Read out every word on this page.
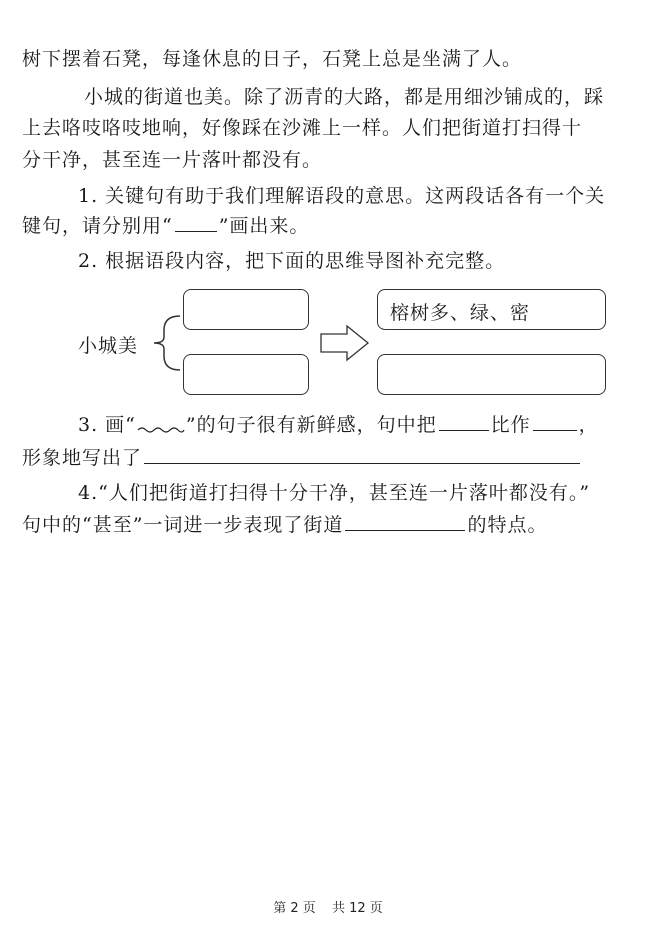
树下摆着石凳，每逢休息的日子，石凳上总是坐满了人。
小城的街道也美。除了沥青的大路，都是用细沙铺成的，踩
上去咯吱咯吱地响，好像踩在沙滩上一样。人们把街道打扫得十
分干净，甚至连一片落叶都没有。
1. 关键句有助于我们理解语段的意思。这两段话各有一个关
键句，请分别用“ ”画出来。
2. 根据语段内容，把下面的思维导图补充完整。
小城美
榕树多、绿、密
3. 画“	”的句子很有新鲜感，句中把	比作	，
形象地写出了
4.“人们把街道打扫得十分干净，甚至连一片落叶都没有。”
句中的“甚至”一词进一步表现了街道	的特点。
第 2 页 共 12 页
